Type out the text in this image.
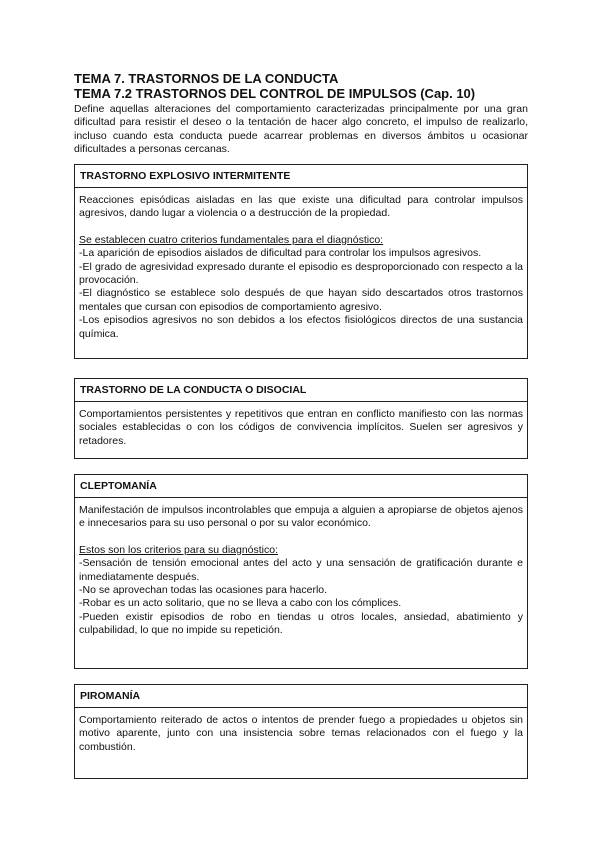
TEMA 7. TRASTORNOS DE LA CONDUCTA

TEMA 7.2 TRASTORNOS DEL CONTROL DE IMPULSOS (Cap. 10)

Define aquellas alteraciones del comportamiento caracterizadas principalmente por una gran dificultad para resistir el deseo o la tentación de hacer algo concreto, el impulso de realizarlo, incluso cuando esta conducta puede acarrear problemas en diversos ámbitos u ocasionar dificultades a personas cercanas.

TRASTORNO EXPLOSIVO INTERMITENTE

Reacciones episódicas aisladas en las que existe una dificultad para controlar impulsos agresivos, dando lugar a violencia o a destrucción de la propiedad.

Se establecen cuatro criterios fundamentales para el diagnóstico:

-La aparición de episodios aislados de dificultad para controlar los impulsos agresivos.

-El grado de agresividad expresado durante el episodio es desproporcionado con respecto a la provocación.

-El diagnóstico se establece solo después de que hayan sido descartados otros trastornos mentales que cursan con episodios de comportamiento agresivo.

-Los episodios agresivos no son debidos a los efectos fisiológicos directos de una sustancia química.

TRASTORNO DE LA CONDUCTA O DISOCIAL

Comportamientos persistentes y repetitivos que entran en conflicto manifiesto con las normas sociales establecidas o con los códigos de convivencia implícitos. Suelen ser agresivos y retadores.

CLEPTOMANÍA

Manifestación de impulsos incontrolables que empuja a alguien a apropiarse de objetos ajenos e innecesarios para su uso personal o por su valor económico.

Estos son los criterios para su diagnóstico:

-Sensación de tensión emocional antes del acto y una sensación de gratificación durante e inmediatamente después.

-No se aprovechan todas las ocasiones para hacerlo.

-Robar es un acto solitario, que no se lleva a cabo con los cómplices.

-Pueden existir episodios de robo en tiendas u otros locales, ansiedad, abatimiento y culpabilidad, lo que no impide su repetición.

PIROMANÍA

Comportamiento reiterado de actos o intentos de prender fuego a propiedades u objetos sin motivo aparente, junto con una insistencia sobre temas relacionados con el fuego y la combustión.
